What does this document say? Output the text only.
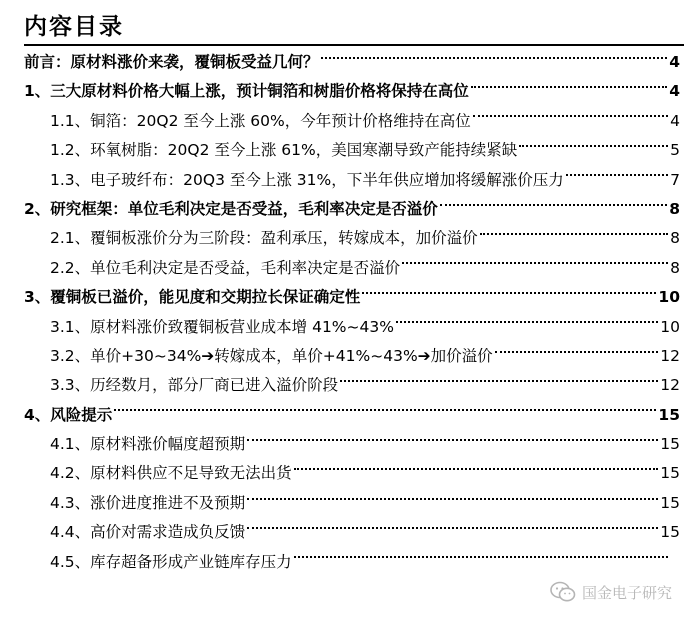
内容目录
前言：原材料涨价来袭，覆铜板受益几何？	4
1、 三大原材料价格大幅上涨，预计铜箔和树脂价格将保持在高位	4
1.1、 铜箔：20Q2 至今上涨 60%，今年预计价格维持在高位	4
1.2、 环氧树脂：20Q2 至今上涨 61%，美国寒潮导致产能持续紧缺	5
1.3、 电子玻纤布：20Q3 至今上涨 31%，下半年供应增加将缓解涨价压力	7
2、 研究框架：单位毛利决定是否受益，毛利率决定是否溢价	8
2.1、 覆铜板涨价分为三阶段：盈利承压，转嫁成本，加价溢价	8
2.2、 单位毛利决定是否受益，毛利率决定是否溢价	8
3、 覆铜板已溢价，能见度和交期拉长保证确定性	10
3.1、 原材料涨价致覆铜板营业成本增 41%~43%	10
3.2、 单价+30~34%➔转嫁成本，单价+41%~43%➔加价溢价	12
3.3、 历经数月，部分厂商已进入溢价阶段	12
4、 风险提示	15
4.1、 原材料涨价幅度超预期	15
4.2、 原材料供应不足导致无法出货	15
4.3、 涨价进度推进不及预期	15
4.4、 高价对需求造成负反馈	15
4.5、 库存超备形成产业链库存压力
国金电子研究
